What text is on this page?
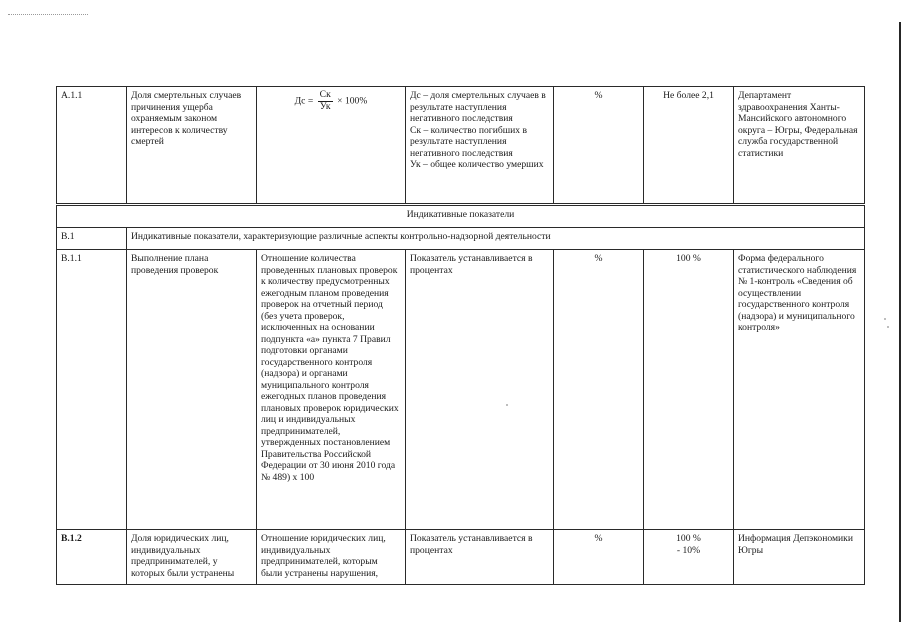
А.1.1	Доля смертельных случаев причинения ущерба охраняемым законом интересов к количеству смертей	Дс = $\frac{Ск}{Ук} \times 100\%$	Дс – доля смертельных случаев в результате наступления негативного последствия
Ск – количество погибших в результате наступления негативного последствия
Ук – общее количество умерших	%	Не более 2,1	Департамент здравоохранения Ханты-Мансийского автономного округа – Югры, Федеральная служба государственной статистики
Индикативные показатели						
В.1	Индикативные показатели, характеризующие различные аспекты контрольно-надзорной деятельности					
В.1.1	Выполнение плана проведения проверок	Отношение количества проведенных плановых проверок к количеству предусмотренных ежегодным планом проведения проверок на отчетный период (без учета проверок, исключенных на основании подпункта «а» пункта 7 Правил подготовки органами государственного контроля (надзора) и органами муниципального контроля ежегодных планов проведения плановых проверок юридических лиц и индивидуальных предпринимателей, утвержденных постановлением Правительства Российской Федерации от 30 июня 2010 года № 489) х 100	Показатель устанавливается в процентах	%	100 %	Форма федерального статистического наблюдения № 1-контроль «Сведения об осуществлении государственного контроля (надзора) и муниципального контроля»
В.1.2	Доля юридических лиц, индивидуальных предпринимателей, у которых были устранены	Отношение юридических лиц, индивидуальных предпринимателей, которым были устранены нарушения,	Показатель устанавливается в процентах	%	100 %
- 10%	Информация Депэкономики Югры
